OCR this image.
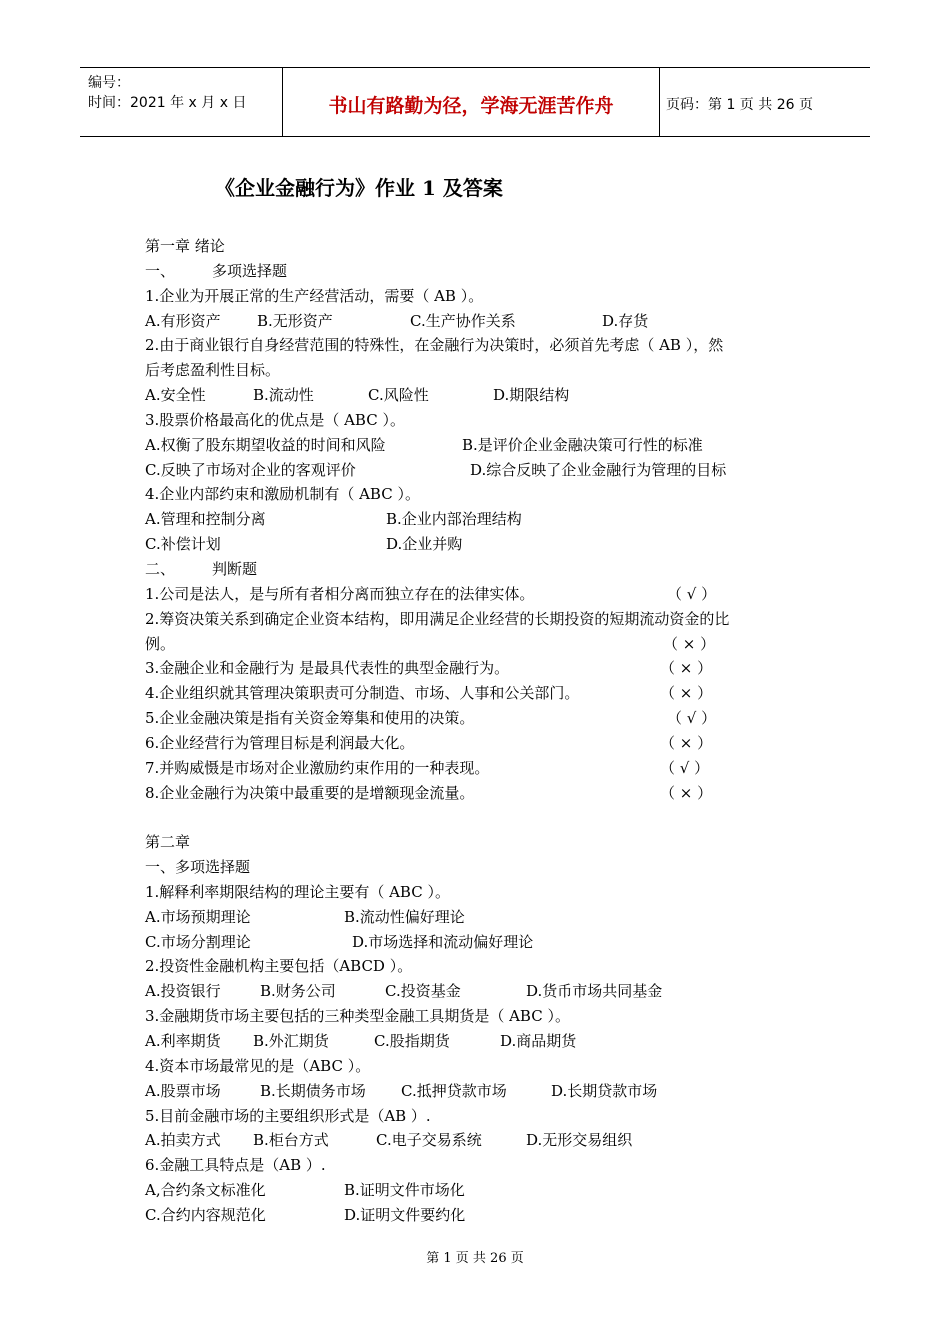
编号：
时间：2021 年 x 月 x 日	书山有路勤为径，学海无涯苦作舟	页码：第 1 页 共 26 页
《企业金融行为》作业 1 及答案
第一章 绪论
一、 多项选择题
1.企业为开展正常的生产经营活动，需要（ AB ）。
A.有形资产 B.无形资产	C.生产协作关系	D.存货
2.由于商业银行自身经营范围的特殊性，在金融行为决策时，必须首先考虑（ AB ），然
后考虑盈利性目标。
A.安全性	B.流动性	C.风险性	D.期限结构
3.股票价格最高化的优点是（ ABC ）。
A.权衡了股东期望收益的时间和风险	B.是评价企业金融决策可行性的标准
C.反映了市场对企业的客观评价	D.综合反映了企业金融行为管理的目标
4.企业内部约束和激励机制有（ ABC ）。
A.管理和控制分离	B.企业内部治理结构
C.补偿计划	D.企业并购
二、 判断题
1.公司是法人，是与所有者相分离而独立存在的法律实体。	（ √ ）
2.筹资决策关系到确定企业资本结构，即用满足企业经营的长期投资的短期流动资金的比
例。	（ × ）
3.金融企业和金融行为 是最具代表性的典型金融行为。	（ × ）
4.企业组织就其管理决策职责可分制造、市场、人事和公关部门。	（ × ）
5.企业金融决策是指有关资金筹集和使用的决策。	（ √ ）
6.企业经营行为管理目标是利润最大化。	（ × ）
7.并购威慑是市场对企业激励约束作用的一种表现。	（ √ ）
8.企业金融行为决策中最重要的是增额现金流量。	（ × ）
第二章
一、多项选择题
1.解释利率期限结构的理论主要有（ ABC ）。
A.市场预期理论	B.流动性偏好理论
C.市场分割理论	D.市场选择和流动偏好理论
2.投资性金融机构主要包括（ABCD ）。
A.投资银行	B.财务公司	C.投资基金	D.货币市场共同基金
3.金融期货市场主要包括的三种类型金融工具期货是（ ABC ）。
A.利率期货 B.外汇期货	C.股指期货	D.商品期货
4.资本市场最常见的是（ABC ）。
A.股票市场	B.长期债务市场 C.抵押贷款市场	D.长期贷款市场
5.目前金融市场的主要组织形式是（AB ）.
A.拍卖方式 B.柜台方式	C.电子交易系统	D.无形交易组织
6.金融工具特点是（AB ）.
A,合约条文标准化	B.证明文件市场化
C.合约内容规范化	D.证明文件要约化
第 1 页 共 26 页
